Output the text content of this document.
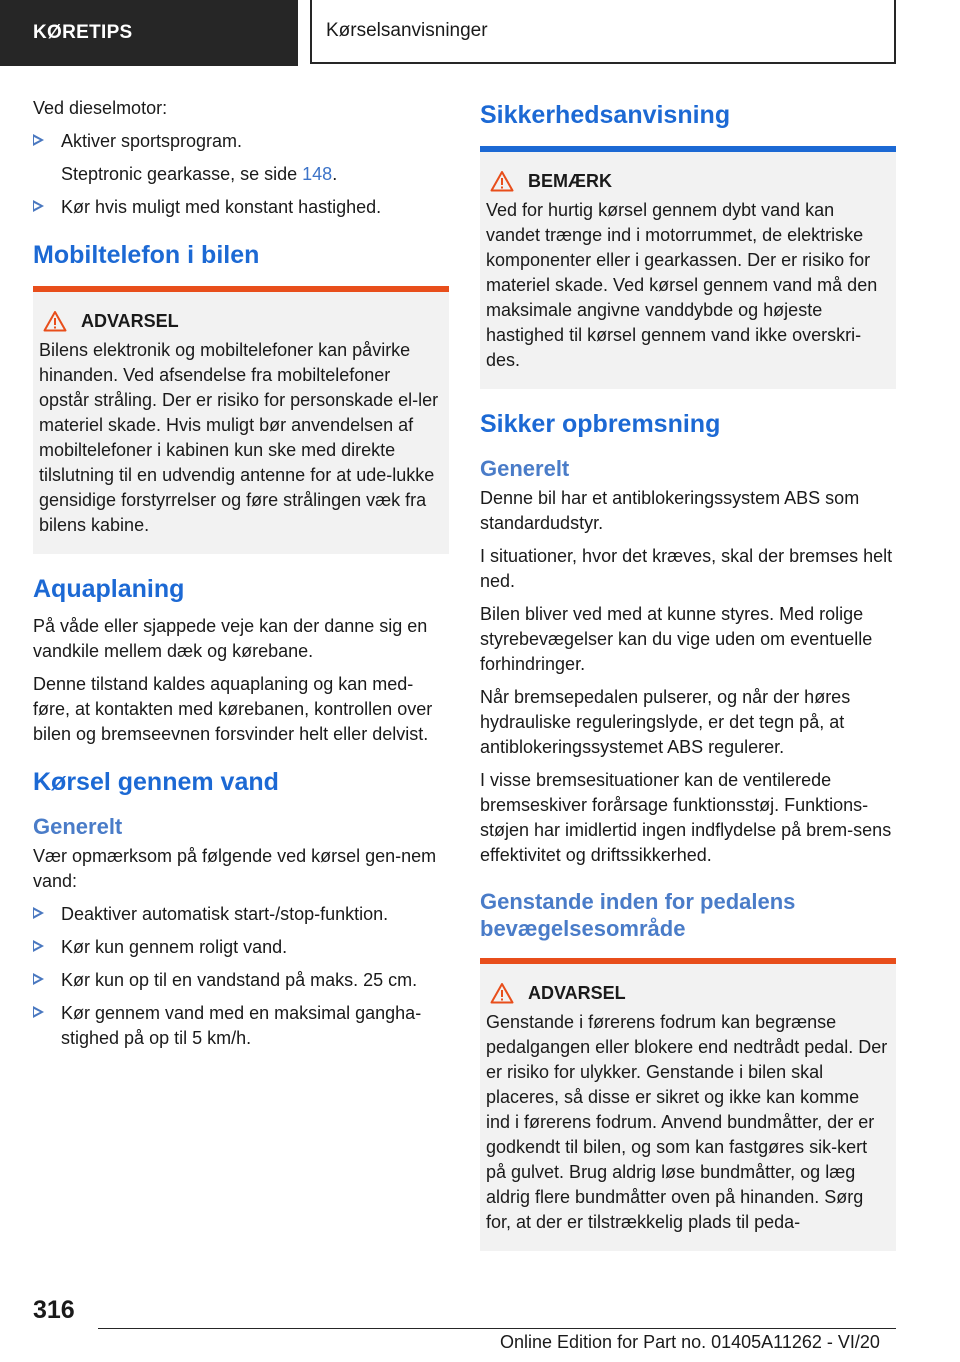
KØRETIPS	Kørselsanvisninger

Ved dieselmotor:

Aktiver sportsprogram.

Steptronic gearkasse, se side 148.

Kør hvis muligt med konstant hastighed.
Mobiltelefon i bilen
ADVARSEL
Bilens elektronik og mobiltelefoner kan påvirke hinanden. Ved afsendelse fra mobiltelefoner opstår stråling. Der er risiko for personskade el-ler materiel skade. Hvis muligt bør anvendelsen af mobiltelefoner i kabinen kun ske med direkte tilslutning til en udvendig antenne for at ude-lukke gensidige forstyrrelser og føre strålingen væk fra bilens kabine.
Aquaplaning

På våde eller sjappede veje kan der danne sig en vandkile mellem dæk og kørebane.

Denne tilstand kaldes aquaplaning og kan med-føre, at kontakten med kørebanen, kontrollen over bilen og bremseevnen forsvinder helt eller delvist.

Kørsel gennem vand
Generelt

Vær opmærksom på følgende ved kørsel gen-nem vand:

Deaktiver automatisk start-/stop-funktion.
Kør kun gennem roligt vand.
Kør kun op til en vandstand på maks. 25 cm.
Kør gennem vand med en maksimal gangha-stighed på op til 5 km/h.
Sikkerhedsanvisning
BEMÆRK
Ved for hurtig kørsel gennem dybt vand kan vandet trænge ind i motorrummet, de elektriske komponenter eller i gearkassen. Der er risiko for materiel skade. Ved kørsel gennem vand må den maksimale angivne vanddybde og højeste hastighed til kørsel gennem vand ikke overskri-des.
Sikker opbremsning
Generelt

Denne bil har et antiblokeringssystem ABS som standardudstyr.

I situationer, hvor det kræves, skal der bremses helt ned.

Bilen bliver ved med at kunne styres. Med rolige styrebevægelser kan du vige uden om eventuelle forhindringer.

Når bremsepedalen pulserer, og når der høres hydrauliske reguleringslyde, er det tegn på, at antiblokeringssystemet ABS regulerer.

I visse bremsesituationer kan de ventilerede bremseskiver forårsage funktionsstøj. Funktions-støjen har imidlertid ingen indflydelse på brem-sens effektivitet og driftssikkerhed.

Genstande inden for pedalens bevægelsesområde
ADVARSEL
Genstande i førerens fodrum kan begrænse pedalgangen eller blokere end nedtrådt pedal. Der er risiko for ulykker. Genstande i bilen skal placeres, så disse er sikret og ikke kan komme ind i førerens fodrum. Anvend bundmåtter, der er godkendt til bilen, og som kan fastgøres sik-kert på gulvet. Brug aldrig løse bundmåtter, og læg aldrig flere bundmåtter oven på hinanden. Sørg for, at der er tilstrækkelig plads til peda-
316
Online Edition for Part no. 01405A11262 - VI/20
